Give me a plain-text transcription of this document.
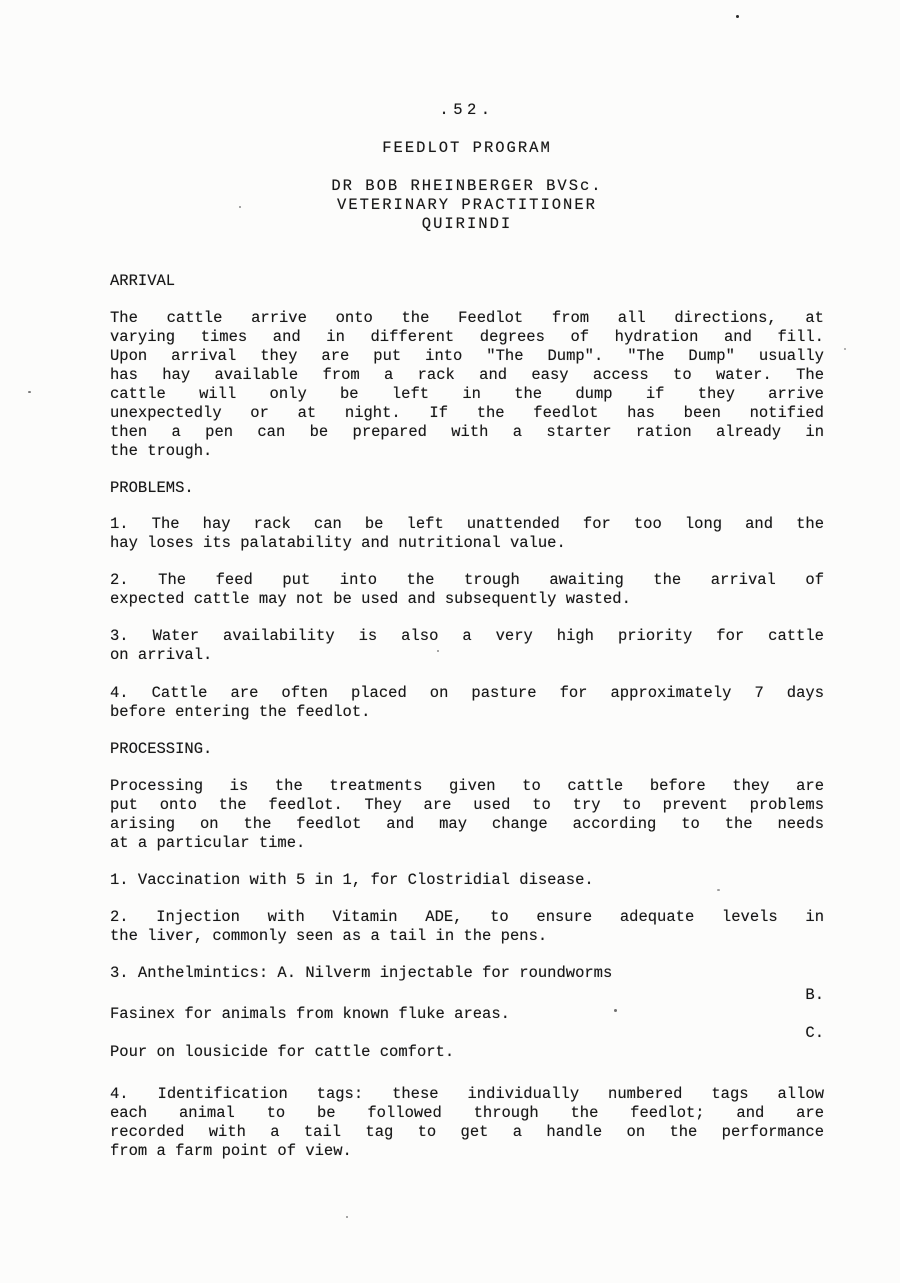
.52.
FEEDLOT PROGRAM
DR BOB RHEINBERGER BVSc.
VETERINARY PRACTITIONER
QUIRINDI
ARRIVAL
The cattle arrive onto the Feedlot from all directions, at
varying times and in different degrees of hydration and fill.
Upon arrival they are put into "The Dump". "The Dump" usually
has hay available from a rack and easy access to water. The
cattle will only be left in the dump if they arrive
unexpectedly or at night. If the feedlot has been notified
then a pen can be prepared with a starter ration already in
the trough.
PROBLEMS.
1. The hay rack can be left unattended for too long and the
hay loses its palatability and nutritional value.
2. The feed put into the trough awaiting the arrival of
expected cattle may not be used and subsequently wasted.
3. Water availability is also a very high priority for cattle
on arrival.
4. Cattle are often placed on pasture for approximately 7 days
before entering the feedlot.
PROCESSING.
Processing is the treatments given to cattle before they are
put onto the feedlot. They are used to try to prevent problems
arising on the feedlot and may change according to the needs
at a particular time.
1. Vaccination with 5 in 1, for Clostridial disease.
2. Injection with Vitamin ADE, to ensure adequate levels in
the liver, commonly seen as a tail in the pens.
3. Anthelmintics: A. Nilverm injectable for roundworms
B.
Fasinex for animals from known fluke areas.
C.
Pour on lousicide for cattle comfort.
4. Identification tags: these individually numbered tags allow
each animal to be followed through the feedlot; and are
recorded with a tail tag to get a handle on the performance
from a farm point of view.
